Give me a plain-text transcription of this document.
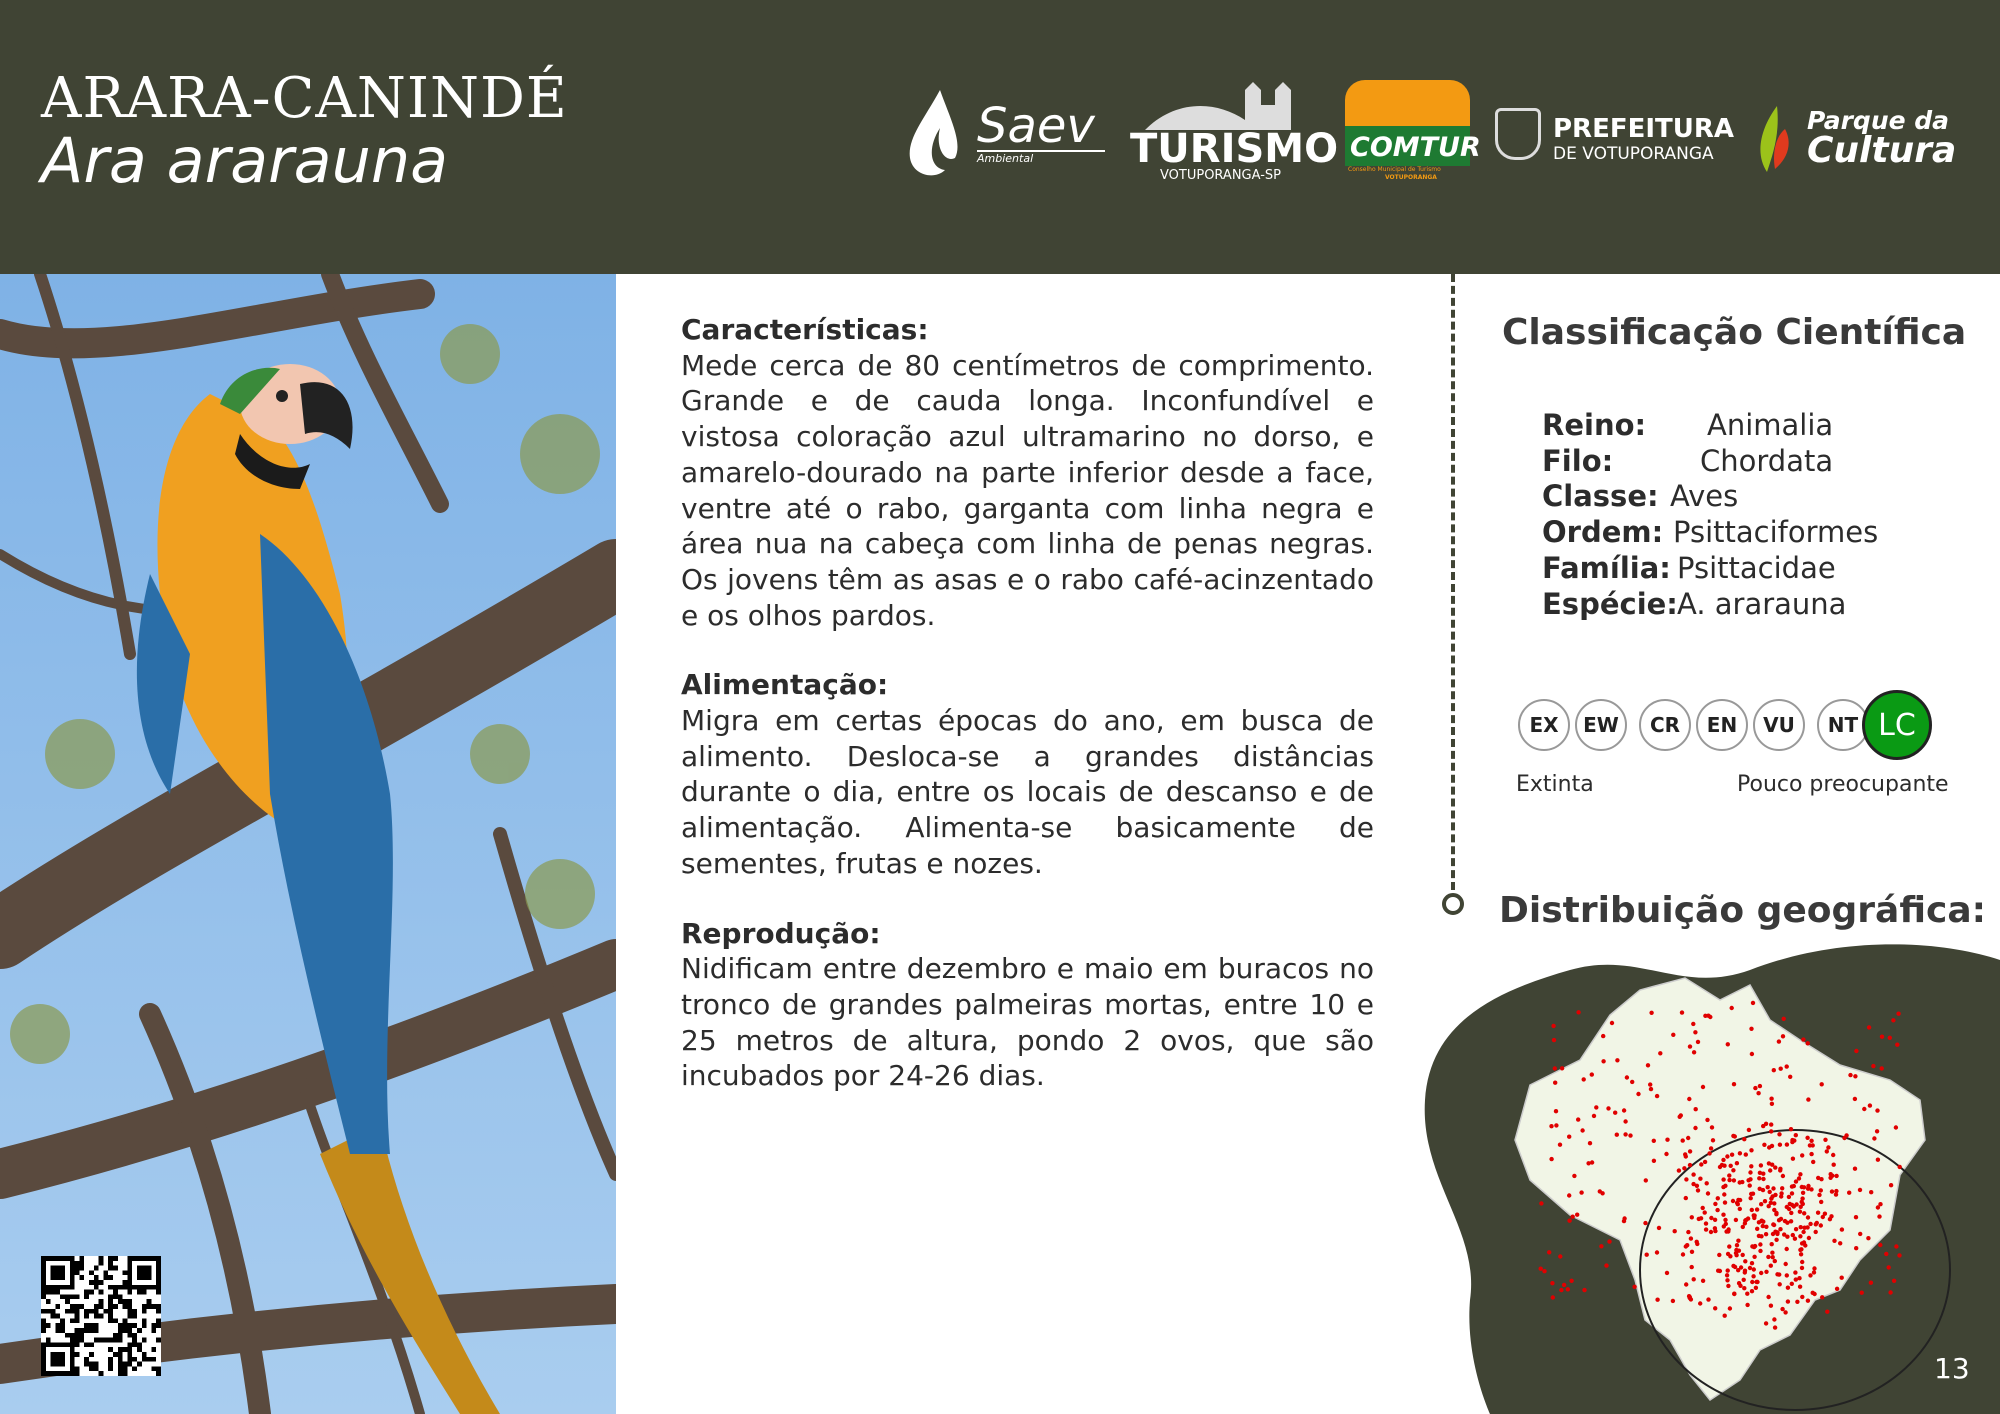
ARARA-CANINDÉ
Ara ararauna	Saev
Ambiental	TURISMO
VOTUPORANGA-SP
COMTUR
Conselho Municipal de Turismo
VOTUPORANGA
PREFEITURA
DE VOTUPORANGA
Parque da
Cultura
Características:

Mede cerca de 80 centímetros de comprimento. Grande e de cauda longa. Inconfundível e vistosa coloração azul ultramarino no dorso, e amarelo-dourado na parte inferior desde a face, ventre até o rabo, garganta com linha negra e área nua na cabeça com linha de penas negras. Os jovens têm as asas e o rabo café-acinzentado e os olhos pardos.

Alimentação:

Migra em certas épocas do ano, em busca de alimento. Desloca-se a grandes distâncias durante o dia, entre os locais de descanso e de alimentação. Alimenta-se basicamente de sementes, frutas e nozes.

Reprodução:

Nidificam entre dezembro e maio em buracos no tronco de grandes palmeiras mortas, entre 10 e 25 metros de altura, pondo 2 ovos, que são incubados por 24-26 dias.

Classificação Científica
Reino:	Animalia
Filo:	Chordata
Classe: Aves
Ordem: Psittaciformes
Família: Psittacidae
Espécie: A. ararauna
EX	EW	CR	EN	VU	NT LC
Extinta	Pouco preocupante
Distribuição geográfica:
13
